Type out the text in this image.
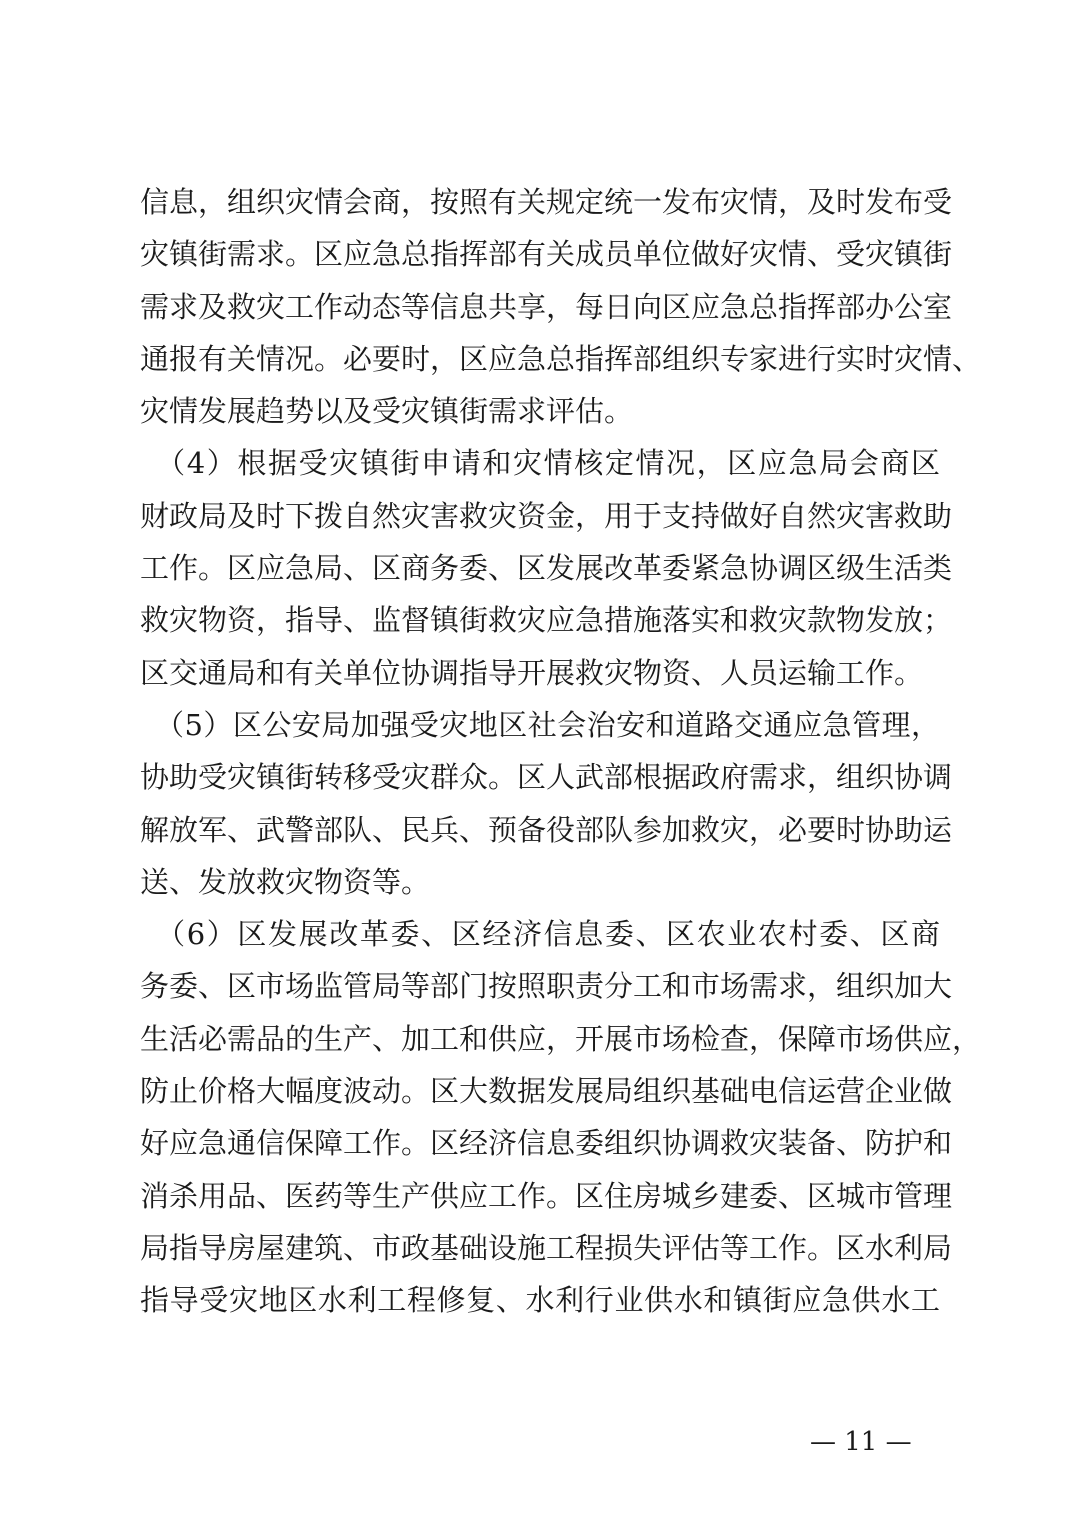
信息，组织灾情会商，按照有关规定统一发布灾情，及时发布受
灾镇街需求。区应急总指挥部有关成员单位做好灾情、受灾镇街
需求及救灾工作动态等信息共享，每日向区应急总指挥部办公室
通报有关情况。必要时，区应急总指挥部组织专家进行实时灾情、
灾情发展趋势以及受灾镇街需求评估。
　（4）根据受灾镇街申请和灾情核定情况，区应急局会商区
财政局及时下拨自然灾害救灾资金，用于支持做好自然灾害救助
工作。区应急局、区商务委、区发展改革委紧急协调区级生活类
救灾物资，指导、监督镇街救灾应急措施落实和救灾款物发放；
区交通局和有关单位协调指导开展救灾物资、人员运输工作。
　（5）区公安局加强受灾地区社会治安和道路交通应急管理，
协助受灾镇街转移受灾群众。区人武部根据政府需求，组织协调
解放军、武警部队、民兵、预备役部队参加救灾，必要时协助运
送、发放救灾物资等。
　（6）区发展改革委、区经济信息委、区农业农村委、区商
务委、区市场监管局等部门按照职责分工和市场需求，组织加大
生活必需品的生产、加工和供应，开展市场检查，保障市场供应，
防止价格大幅度波动。区大数据发展局组织基础电信运营企业做
好应急通信保障工作。区经济信息委组织协调救灾装备、防护和
消杀用品、医药等生产供应工作。区住房城乡建委、区城市管理
局指导房屋建筑、市政基础设施工程损失评估等工作。区水利局
指导受灾地区水利工程修复、水利行业供水和镇街应急供水工
— 11 —
